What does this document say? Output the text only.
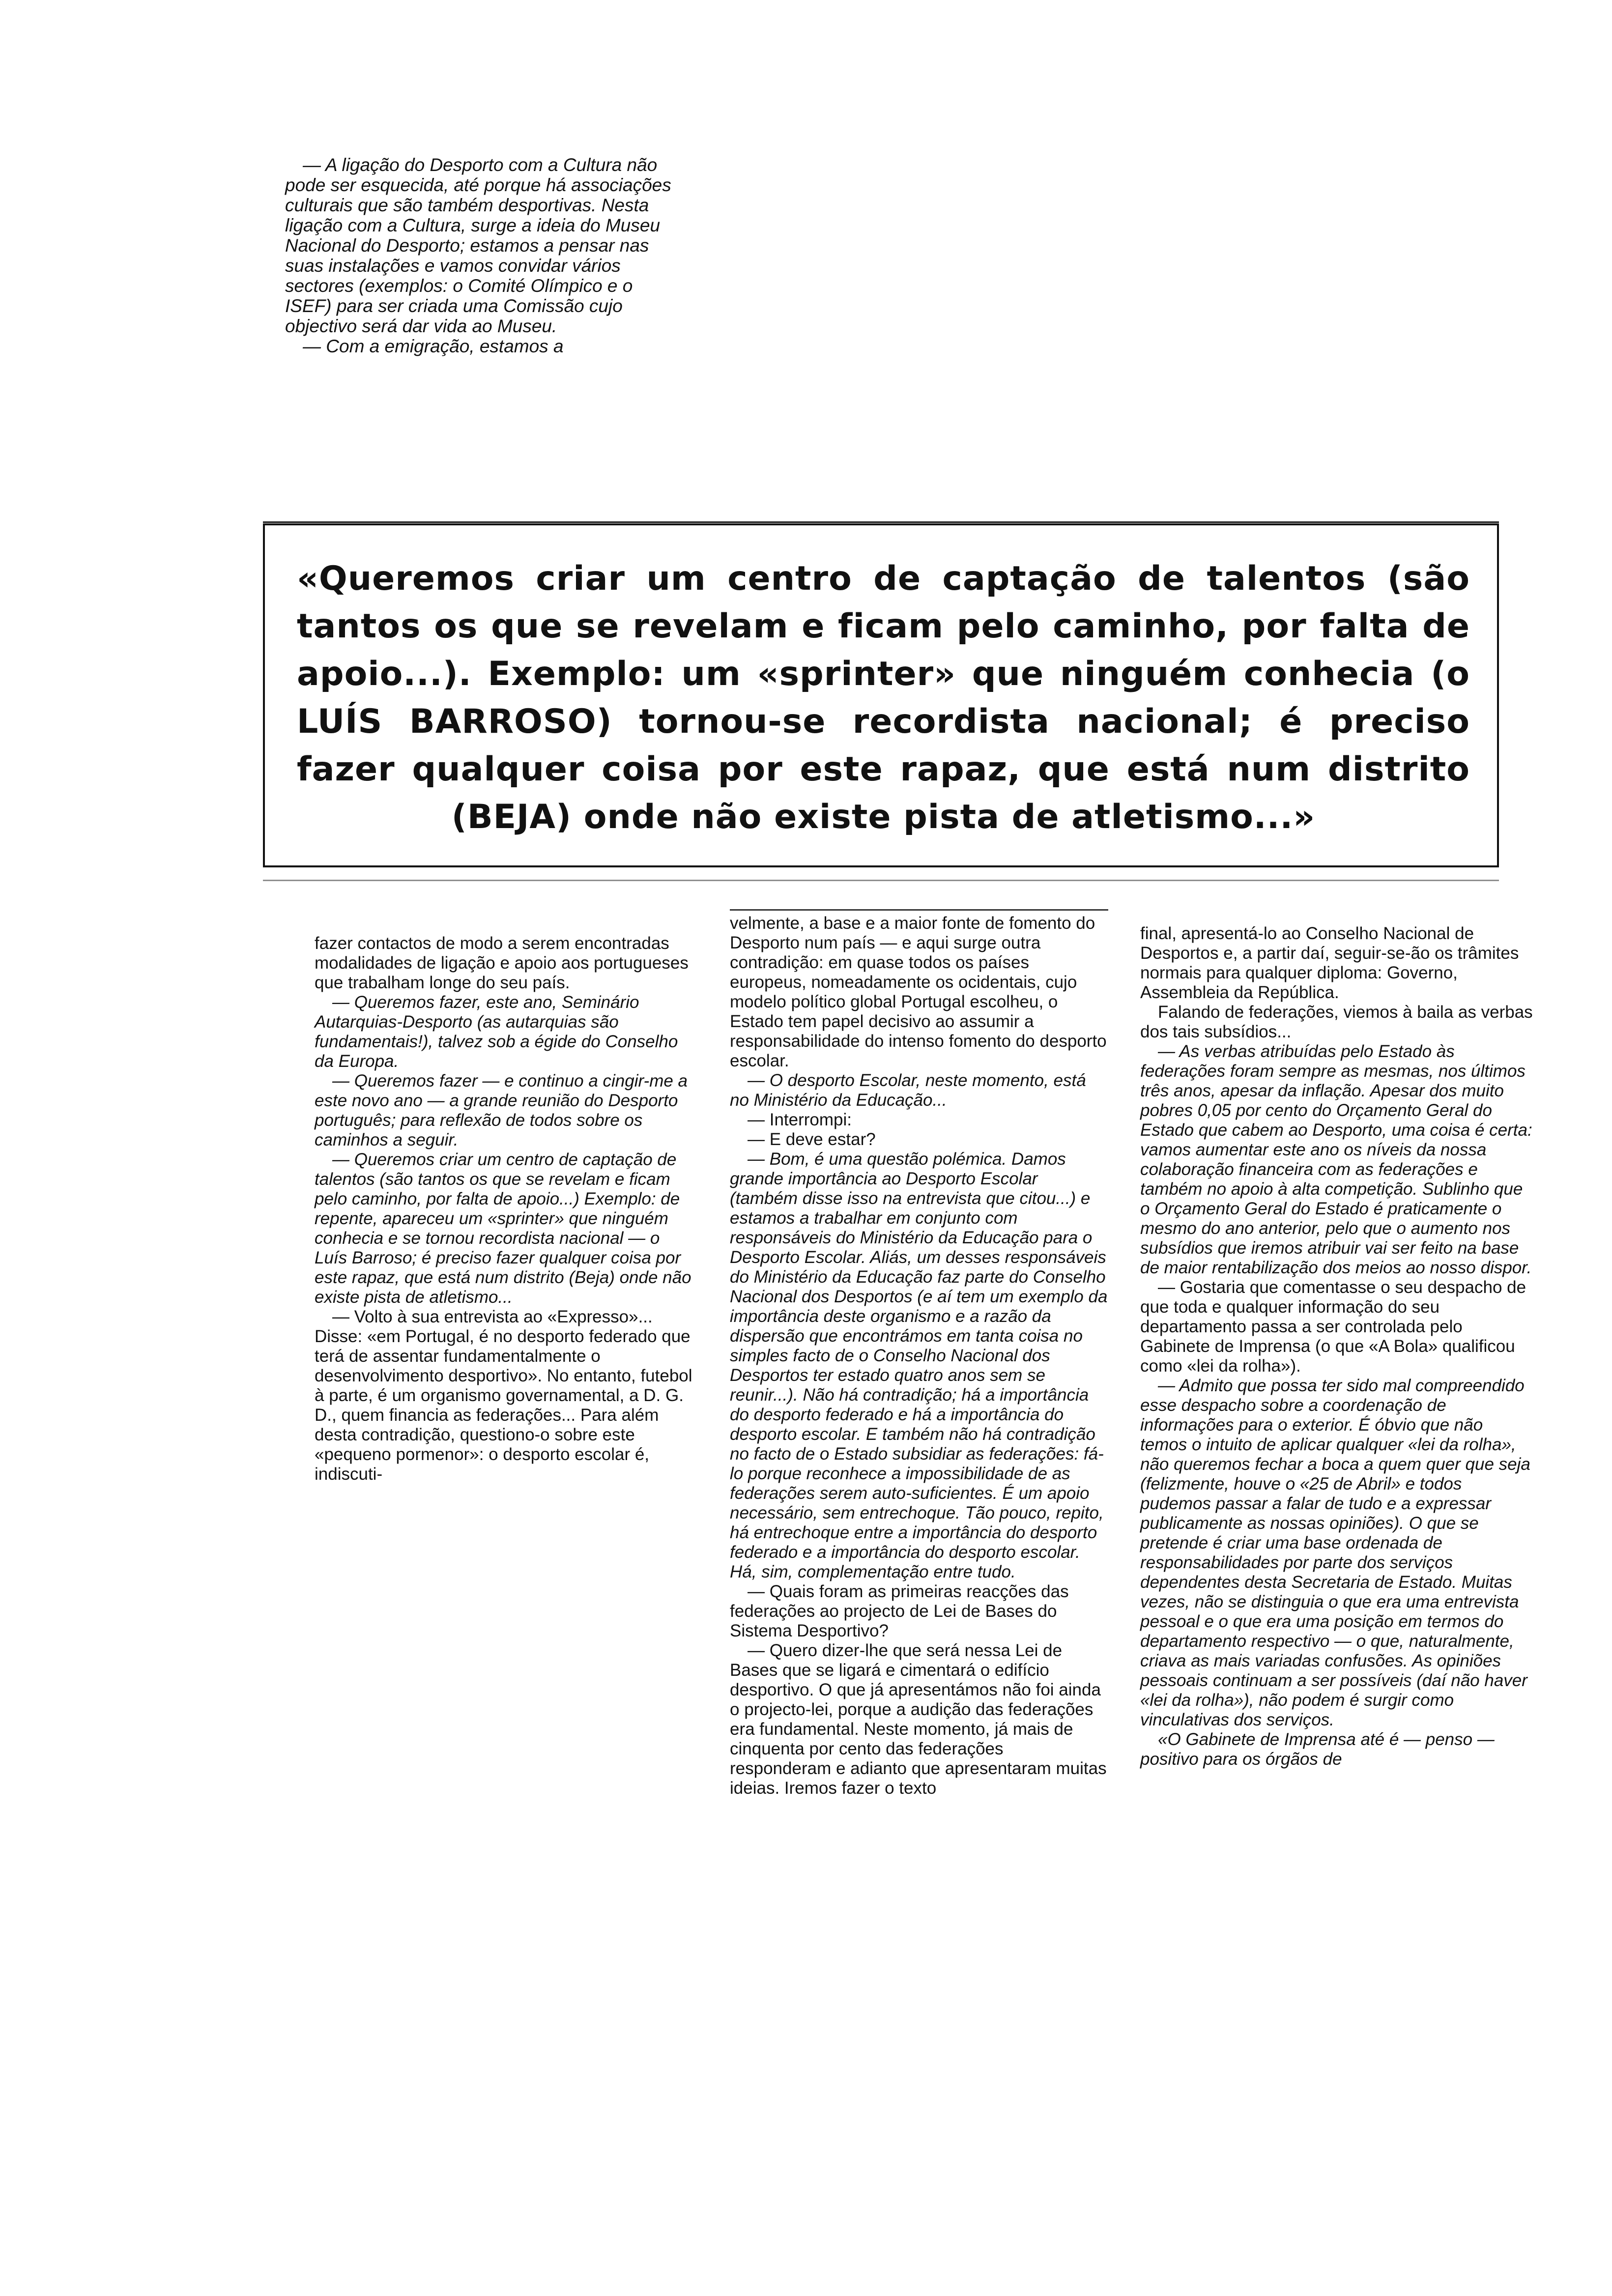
— A ligação do Desporto com a Cultura não pode ser esquecida, até porque há associações culturais que são também desportivas. Nesta ligação com a Cultura, surge a ideia do Museu Nacional do Desporto; estamos a pensar nas suas instalações e vamos convidar vários sectores (exemplos: o Comité Olímpico e o ISEF) para ser criada uma Comissão cujo objectivo será dar vida ao Museu.

— Com a emigração, estamos a

«Queremos criar um centro de captação de talentos (são tantos os que se revelam e ficam pelo caminho, por falta de apoio...). Exemplo: um «sprinter» que ninguém conhecia (o LUÍS BARROSO) tornou-se recordista nacional; é preciso fazer qualquer coisa por este rapaz, que está num distrito (BEJA) onde não existe pista de atletismo...»

fazer contactos de modo a serem encontradas modalidades de ligação e apoio aos portugueses que trabalham longe do seu país.

— Queremos fazer, este ano, Seminário Autarquias-Desporto (as autarquias são fundamentais!), talvez sob a égide do Conselho da Europa.

— Queremos fazer — e continuo a cingir-me a este novo ano — a grande reunião do Desporto português; para reflexão de todos sobre os caminhos a seguir.

— Queremos criar um centro de captação de talentos (são tantos os que se revelam e ficam pelo caminho, por falta de apoio...) Exemplo: de repente, apareceu um «sprinter» que ninguém conhecia e se tornou recordista nacional — o Luís Barroso; é preciso fazer qualquer coisa por este rapaz, que está num distrito (Beja) onde não existe pista de atletismo...

— Volto à sua entrevista ao «Expresso»... Disse: «em Portugal, é no desporto federado que terá de assentar fundamentalmente o desenvolvimento desportivo». No entanto, futebol à parte, é um organismo governamental, a D. G. D., quem financia as federações... Para além desta contradição, questiono-o sobre este «pequeno pormenor»: o desporto escolar é, indiscuti-

velmente, a base e a maior fonte de fomento do Desporto num país — e aqui surge outra contradição: em quase todos os países europeus, nomeadamente os ocidentais, cujo modelo político global Portugal escolheu, o Estado tem papel decisivo ao assumir a responsabilidade do intenso fomento do desporto escolar.

— O desporto Escolar, neste momento, está no Ministério da Educação...

— Interrompi:

— E deve estar?

— Bom, é uma questão polémica. Damos grande importância ao Desporto Escolar (também disse isso na entrevista que citou...) e estamos a trabalhar em conjunto com responsáveis do Ministério da Educação para o Desporto Escolar. Aliás, um desses responsáveis do Ministério da Educação faz parte do Conselho Nacional dos Desportos (e aí tem um exemplo da importância deste organismo e a razão da dispersão que encontrámos em tanta coisa no simples facto de o Conselho Nacional dos Desportos ter estado quatro anos sem se reunir...). Não há contradição; há a importância do desporto federado e há a importância do desporto escolar. E também não há contradição no facto de o Estado subsidiar as federações: fá-lo porque reconhece a impossibilidade de as federações serem auto-suficientes. É um apoio necessário, sem entrechoque. Tão pouco, repito, há entrechoque entre a importância do desporto federado e a importância do desporto escolar. Há, sim, complementação entre tudo.

— Quais foram as primeiras reacções das federações ao projecto de Lei de Bases do Sistema Desportivo?

— Quero dizer-lhe que será nessa Lei de Bases que se ligará e cimentará o edifício desportivo. O que já apresentámos não foi ainda o projecto-lei, porque a audição das federações era fundamental. Neste momento, já mais de cinquenta por cento das federações responderam e adianto que apresentaram muitas ideias. Iremos fazer o texto

final, apresentá-lo ao Conselho Nacional de Desportos e, a partir daí, seguir-se-ão os trâmites normais para qualquer diploma: Governo, Assembleia da República.

Falando de federações, viemos à baila as verbas dos tais subsídios...

— As verbas atribuídas pelo Estado às federações foram sempre as mesmas, nos últimos três anos, apesar da inflação. Apesar dos muito pobres 0,05 por cento do Orçamento Geral do Estado que cabem ao Desporto, uma coisa é certa: vamos aumentar este ano os níveis da nossa colaboração financeira com as federações e também no apoio à alta competição. Sublinho que o Orçamento Geral do Estado é praticamente o mesmo do ano anterior, pelo que o aumento nos subsídios que iremos atribuir vai ser feito na base de maior rentabilização dos meios ao nosso dispor.

— Gostaria que comentasse o seu despacho de que toda e qualquer informação do seu departamento passa a ser controlada pelo Gabinete de Imprensa (o que «A Bola» qualificou como «lei da rolha»).

— Admito que possa ter sido mal compreendido esse despacho sobre a coordenação de informações para o exterior. É óbvio que não temos o intuito de aplicar qualquer «lei da rolha», não queremos fechar a boca a quem quer que seja (felizmente, houve o «25 de Abril» e todos pudemos passar a falar de tudo e a expressar publicamente as nossas opiniões). O que se pretende é criar uma base ordenada de responsabilidades por parte dos serviços dependentes desta Secretaria de Estado. Muitas vezes, não se distinguia o que era uma entrevista pessoal e o que era uma posição em termos do departamento respectivo — o que, naturalmente, criava as mais variadas confusões. As opiniões pessoais continuam a ser possíveis (daí não haver «lei da rolha»), não podem é surgir como vinculativas dos serviços.

«O Gabinete de Imprensa até é — penso — positivo para os órgãos de
